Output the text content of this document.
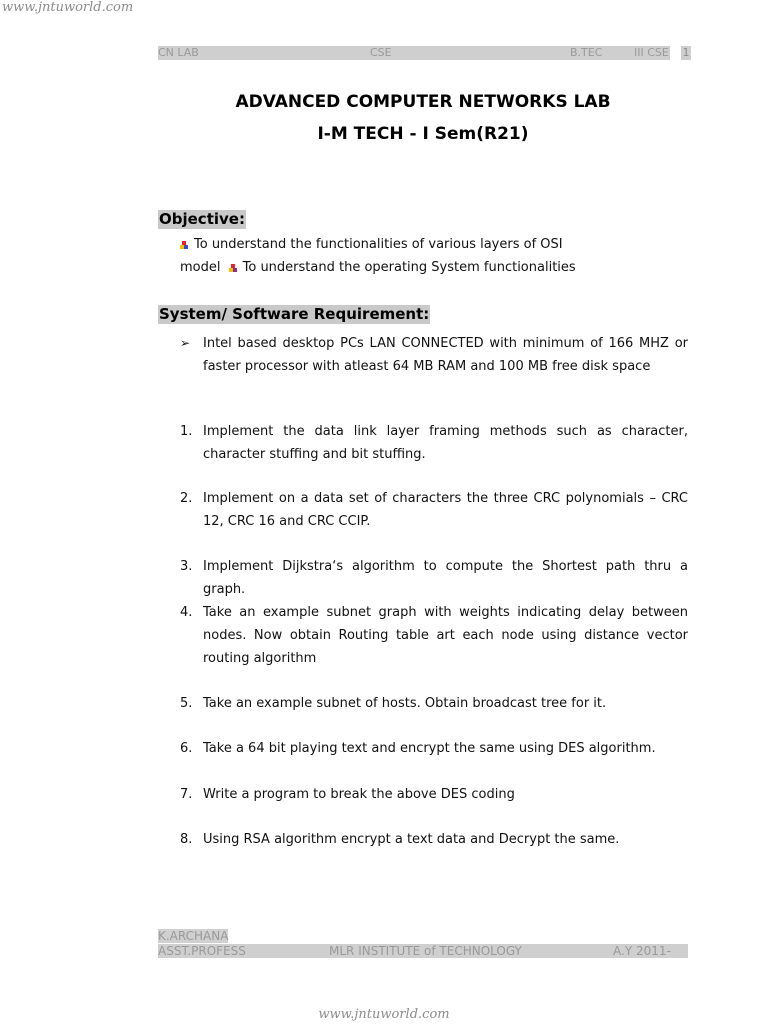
www.jntuworld.com
CN LAB	CSE	B.TEC	III CSE 1
ADVANCED COMPUTER NETWORKS LAB
I-M TECH - I Sem(R21)
Objective:
To understand the functionalities of various layers of OSI
model To understand the operating System functionalities
System/ Software Requirement:
➢ Intel based desktop PCs LAN CONNECTED with minimum of 166 MHZ or faster processor with atleast 64 MB RAM and 100 MB free disk space
1. Implement the data link layer framing methods such as character, character stuffing and bit stuffing.
2. Implement on a data set of characters the three CRC polynomials – CRC 12, CRC 16 and CRC CCIP.
3. Implement Dijkstra‘s algorithm to compute the Shortest path thru a graph.
4. Take an example subnet graph with weights indicating delay between nodes. Now obtain Routing table art each node using distance vector routing algorithm
5. Take an example subnet of hosts. Obtain broadcast tree for it.
6. Take a 64 bit playing text and encrypt the same using DES algorithm.
7. Write a program to break the above DES coding
8. Using RSA algorithm encrypt a text data and Decrypt the same.
K.ARCHANA
ASST.PROFESS	MLR INSTITUTE of TECHNOLOGY	A.Y 2011-
www.jntuworld.com
